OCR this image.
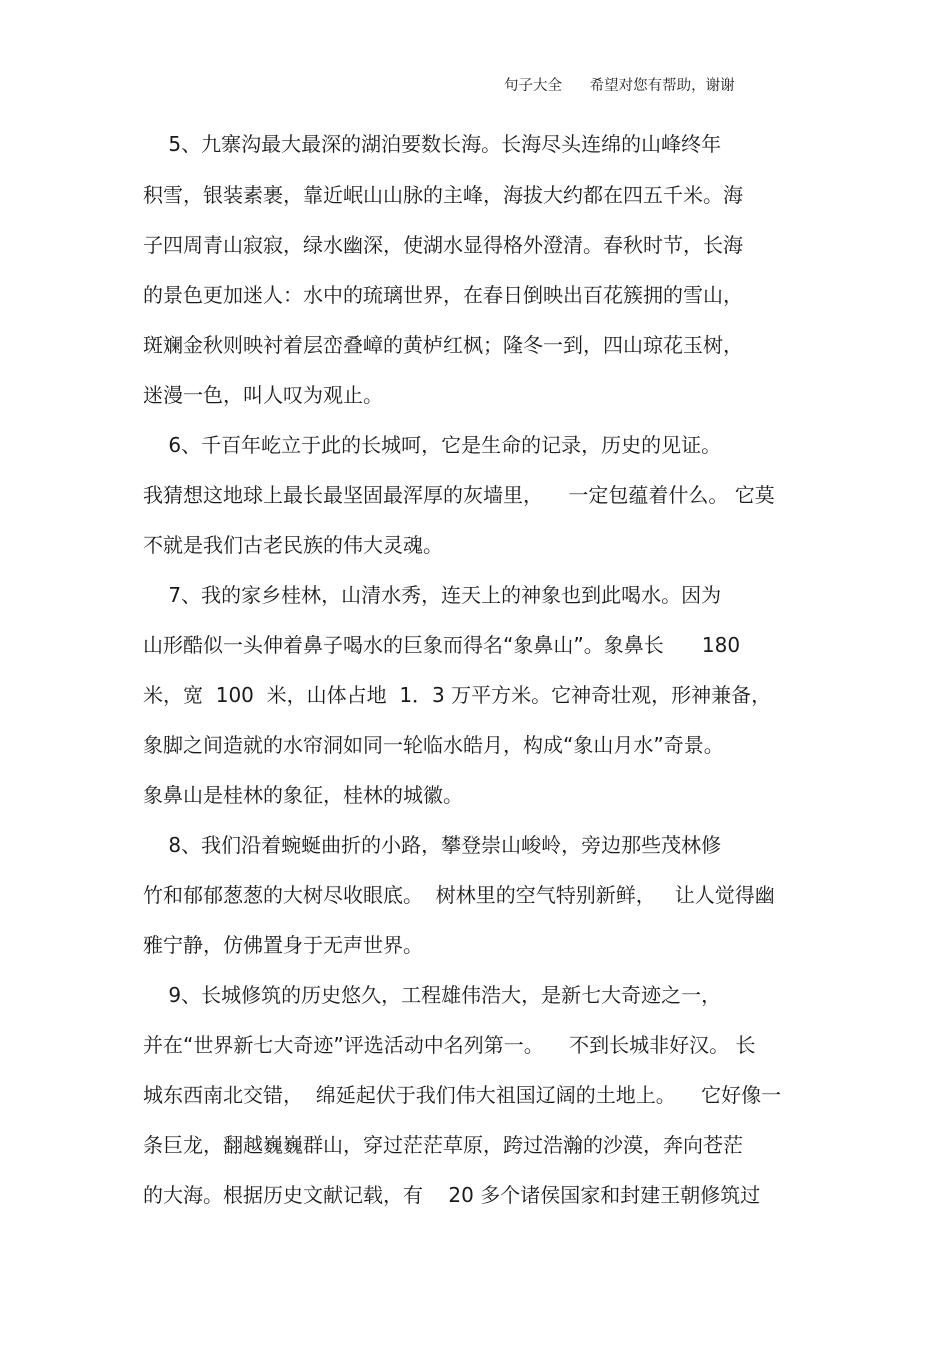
句子大全      希望对您有帮助，谢谢
5、九寨沟最大最深的湖泊要数长海。长海尽头连绵的山峰终年
积雪，银装素裹，靠近岷山山脉的主峰，海拔大约都在四五千米。海
子四周青山寂寂，绿水幽深，使湖水显得格外澄清。春秋时节，长海
的景色更加迷人：水中的琉璃世界，在春日倒映出百花簇拥的雪山，
斑斓金秋则映衬着层峦叠嶂的黄栌红枫；隆冬一到，四山琼花玉树，
迷漫一色，叫人叹为观止。
6、千百年屹立于此的长城呵，它是生命的记录，历史的见证。
我猜想这地球上最长最坚固最浑厚的灰墙里，    一定包蕴着什么。 它莫
不就是我们古老民族的伟大灵魂。
7、我的家乡桂林，山清水秀，连天上的神象也到此喝水。因为
山形酷似一头伸着鼻子喝水的巨象而得名“象鼻山”。象鼻长      180
米，宽  100  米，山体占地  1．3 万平方米。它神奇壮观，形神兼备，
象脚之间造就的水帘洞如同一轮临水皓月，构成“象山月水”奇景。
象鼻山是桂林的象征，桂林的城徽。
8、我们沿着蜿蜒曲折的小路，攀登崇山峻岭，旁边那些茂林修
竹和郁郁葱葱的大树尽收眼底。  树林里的空气特别新鲜，   让人觉得幽
雅宁静，仿佛置身于无声世界。
9、长城修筑的历史悠久，工程雄伟浩大，是新七大奇迹之一，
并在“世界新七大奇迹”评选活动中名列第一。    不到长城非好汉。 长
城东西南北交错，  绵延起伏于我们伟大祖国辽阔的土地上。    它好像一
条巨龙，翻越巍巍群山，穿过茫茫草原，跨过浩瀚的沙漠，奔向苍茫
的大海。根据历史文献记载，有    20 多个诸侯国家和封建王朝修筑过
